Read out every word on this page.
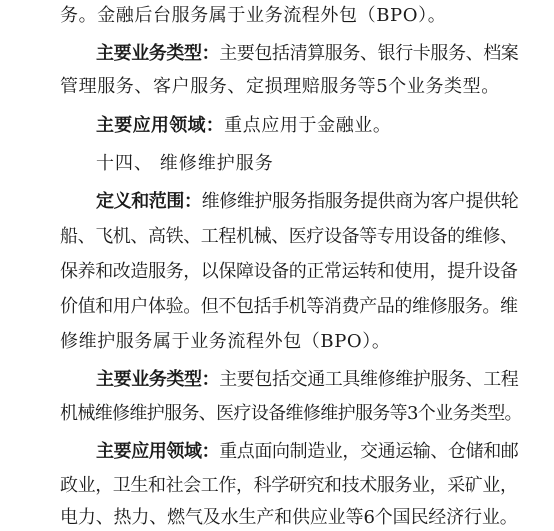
务。金融后台服务属于业务流程外包（BPO）。
主要业务类型：主要包括清算服务、银行卡服务、档案
管理服务、客户服务、定损理赔服务等5个业务类型。
主要应用领域：重点应用于金融业。
十四、 维修维护服务
定义和范围：维修维护服务指服务提供商为客户提供轮
船、飞机、高铁、工程机械、医疗设备等专用设备的维修、
保养和改造服务，以保障设备的正常运转和使用，提升设备
价值和用户体验。但不包括手机等消费产品的维修服务。维
修维护服务属于业务流程外包（BPO）。
主要业务类型：主要包括交通工具维修维护服务、工程
机械维修维护服务、医疗设备维修维护服务等3个业务类型。
主要应用领域：重点面向制造业，交通运输、仓储和邮
政业，卫生和社会工作，科学研究和技术服务业，采矿业，
电力、热力、燃气及水生产和供应业等6个国民经济行业。
